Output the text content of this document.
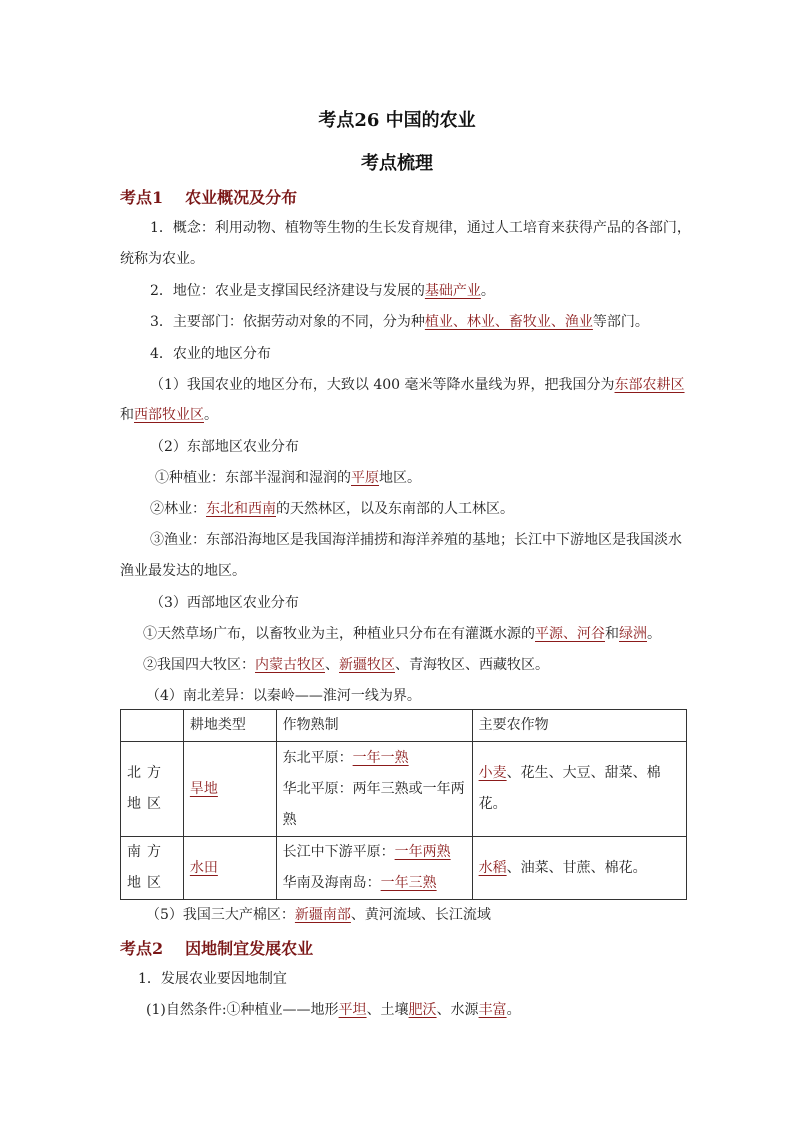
考点26 中国的农业
考点梳理
考点1 农业概况及分布
1．概念：利用动物、植物等生物的生长发育规律，通过人工培育来获得产品的各部门，
统称为农业。
2．地位：农业是支撑国民经济建设与发展的基础产业。
3．主要部门：依据劳动对象的不同，分为种植业、林业、畜牧业、渔业等部门。
4．农业的地区分布
（1）我国农业的地区分布，大致以 400 毫米等降水量线为界，把我国分为东部农耕区
和西部牧业区。
（2）东部地区农业分布
①种植业：东部半湿润和湿润的平原地区。
②林业：东北和西南的天然林区，以及东南部的人工林区。
③渔业：东部沿海地区是我国海洋捕捞和海洋养殖的基地；长江中下游地区是我国淡水
渔业最发达的地区。
（3）西部地区农业分布
①天然草场广布，以畜牧业为主，种植业只分布在有灌溉水源的平源、河谷和绿洲。
②我国四大牧区：内蒙古牧区、新疆牧区、青海牧区、西藏牧区。
（4）南北差异：以秦岭——淮河一线为界。
	耕地类型	作物熟制	主要农作物

北方地区	旱地	东北平原：一年一熟
华北平原：两年三熟或一年两
熟	小麦、花生、大豆、甜菜、棉花。

南方地区	水田	长江中下游平原：一年两熟
华南及海南岛：一年三熟	水稻、油菜、甘蔗、棉花。
（5）我国三大产棉区：新疆南部、黄河流域、长江流域
考点2 因地制宜发展农业
1．发展农业要因地制宜
(1)自然条件:①种植业——地形平坦、土壤肥沃、水源丰富。
